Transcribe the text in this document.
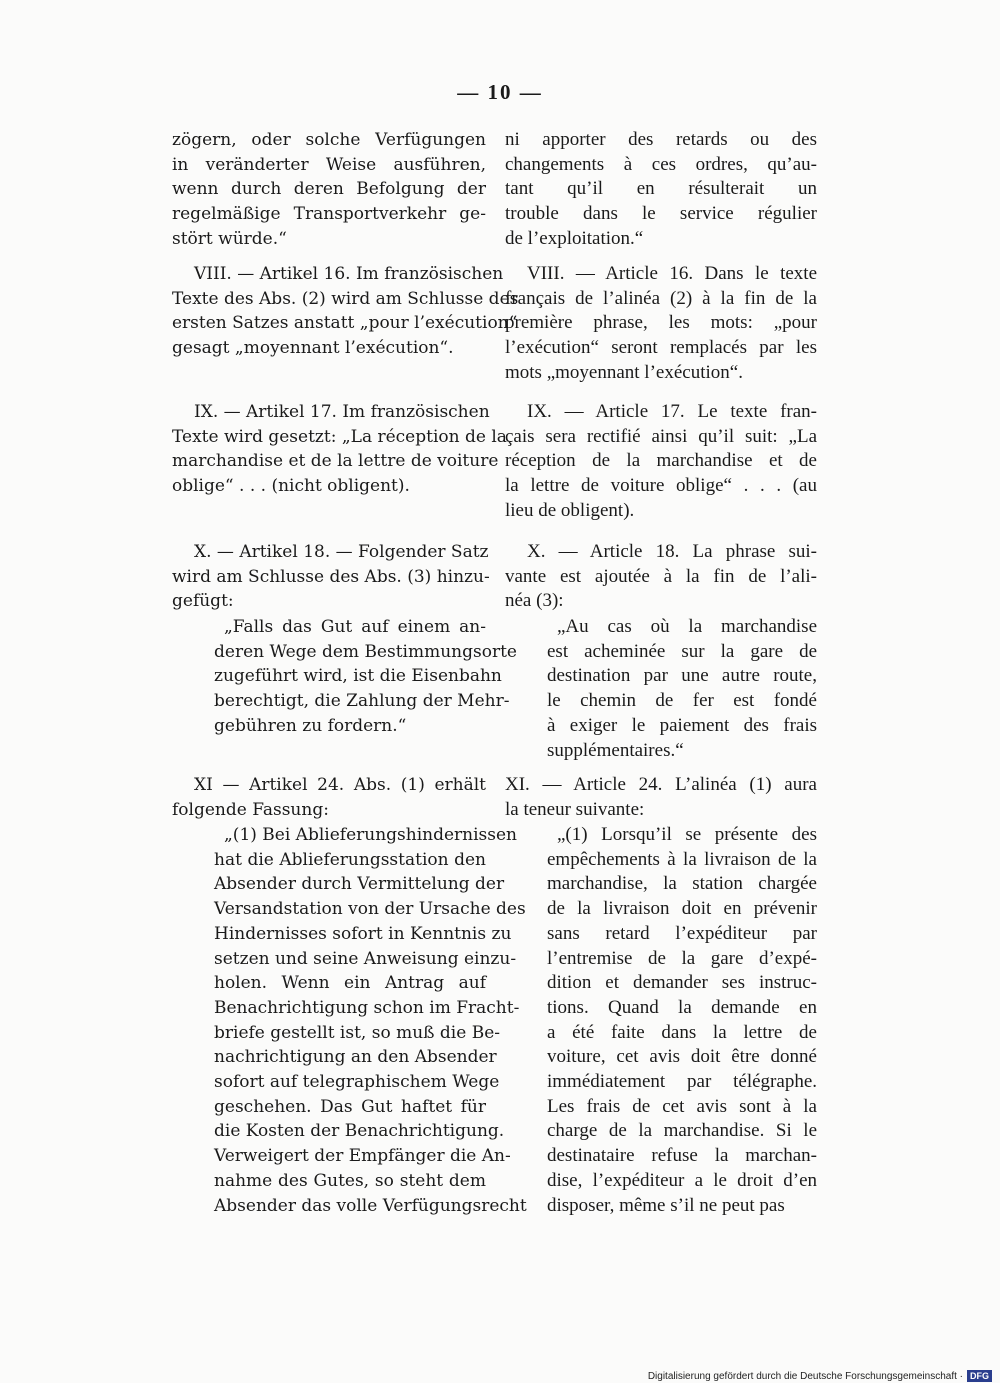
— 10 —
zögern, oder solche Verfügungen
in veränderter Weise ausführen,
wenn durch deren Befolgung der
regelmäßige Transportverkehr ge-
stört würde.“
VIII. — Artikel 16. Im französischen
Texte des Abs. (2) wird am Schlusse des
ersten Satzes anstatt „pour l’exécution“
gesagt „moyennant l’exécution“.
IX. — Artikel 17. Im französischen
Texte wird gesetzt: „La réception de la
marchandise et de la lettre de voiture
oblige“ . . . (nicht obligent).
X. — Artikel 18. — Folgender Satz
wird am Schlusse des Abs. (3) hinzu-
gefügt:
„Falls das Gut auf einem an-
deren Wege dem Bestimmungsorte
zugeführt wird, ist die Eisenbahn
berechtigt, die Zahlung der Mehr-
gebühren zu fordern.“
XI — Artikel 24. Abs. (1) erhält
folgende Fassung:
„(1) Bei Ablieferungshindernissen
hat die Ablieferungsstation den
Absender durch Vermittelung der
Versandstation von der Ursache des
Hindernisses sofort in Kenntnis zu
setzen und seine Anweisung einzu-
holen. Wenn ein Antrag auf
Benachrichtigung schon im Fracht-
briefe gestellt ist, so muß die Be-
nachrichtigung an den Absender
sofort auf telegraphischem Wege
geschehen. Das Gut haftet für
die Kosten der Benachrichtigung.
Verweigert der Empfänger die An-
nahme des Gutes, so steht dem
Absender das volle Verfügungsrecht
ni apporter des retards ou des
changements à ces ordres, qu’au-
tant qu’il en résulterait un
trouble dans le service régulier
de l’exploitation.“
VIII. — Article 16. Dans le texte
français de l’alinéa (2) à la fin de la
première phrase, les mots: „pour
l’exécution“ seront remplacés par les
mots „moyennant l’exécution“.
IX. — Article 17. Le texte fran-
çais sera rectifié ainsi qu’il suit: „La
réception de la marchandise et de
la lettre de voiture oblige“ . . . (au
lieu de obligent).
X. — Article 18. La phrase sui-
vante est ajoutée à la fin de l’ali-
néa (3):
„Au cas où la marchandise
est acheminée sur la gare de
destination par une autre route,
le chemin de fer est fondé
à exiger le paiement des frais
supplémentaires.“
XI. — Article 24. L’alinéa (1) aura
la teneur suivante:
„(1) Lorsqu’il se présente des
empêchements à la livraison de la
marchandise, la station chargée
de la livraison doit en prévenir
sans retard l’expéditeur par
l’entremise de la gare d’expé-
dition et demander ses instruc-
tions. Quand la demande en
a été faite dans la lettre de
voiture, cet avis doit être donné
immédiatement par télégraphe.
Les frais de cet avis sont à la
charge de la marchandise. Si le
destinataire refuse la marchan-
dise, l’expéditeur a le droit d’en
disposer, même s’il ne peut pas
Digitalisierung gefördert durch die Deutsche Forschungsgemeinschaft · DFG
